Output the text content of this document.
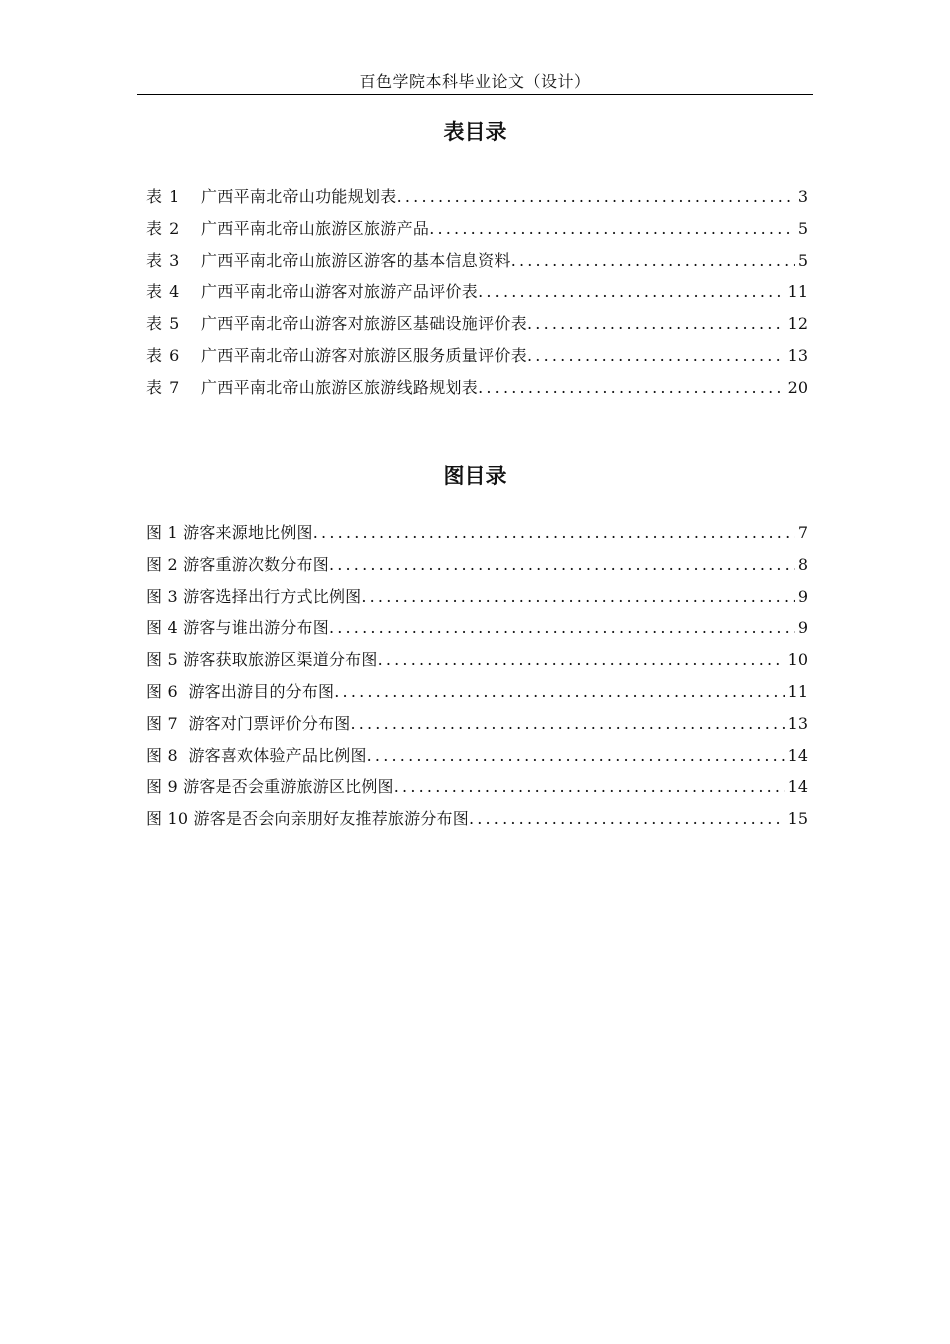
百色学院本科毕业论文（设计）
表目录
表 1	广西平南北帝山功能规划表 .....	3
表 2	广西平南北帝山旅游区旅游产品 .....	5
表 3	广西平南北帝山旅游区游客的基本信息资料 .....	5
表 4	广西平南北帝山游客对旅游产品评价表 .....	11
表 5	广西平南北帝山游客对旅游区基础设施评价表 .....	12
表 6	广西平南北帝山游客对旅游区服务质量评价表 .....	13
表 7	广西平南北帝山旅游区旅游线路规划表 .....	20
图目录
图 1 游客来源地比例图 .....	7
图 2 游客重游次数分布图 .....	8
图 3 游客选择出行方式比例图 .....	9
图 4 游客与谁出游分布图 .....	9
图 5 游客获取旅游区渠道分布图 .....	10
图 6  游客出游目的分布图 .....	11
图 7  游客对门票评价分布图 .....	13
图 8  游客喜欢体验产品比例图 .....	14
图 9 游客是否会重游旅游区比例图 .....	14
图 10 游客是否会向亲朋好友推荐旅游分布图 .....	15
